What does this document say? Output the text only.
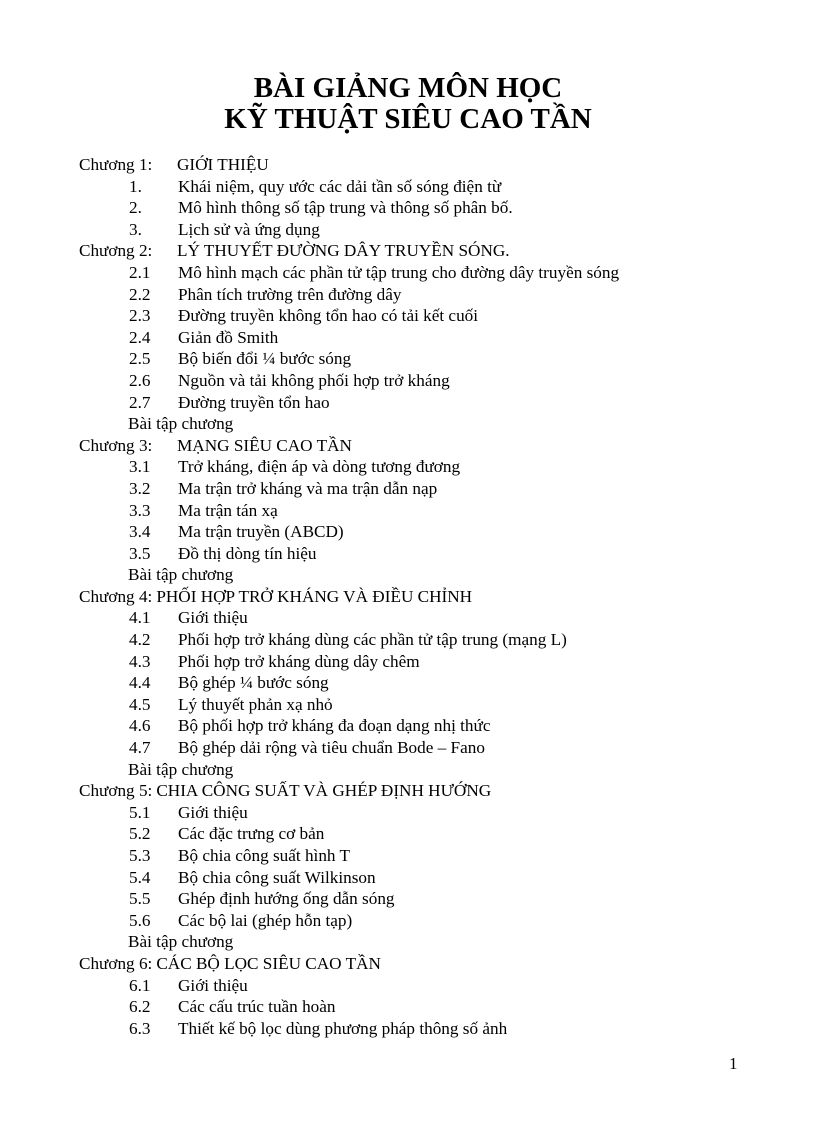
BÀI GIẢNG MÔN HỌC
KỸ THUẬT SIÊU CAO TẦN
Chương 1: GIỚI THIỆU
1. Khái niệm, quy ước các dải tần số sóng điện từ
2. Mô hình thông số tập trung và thông số phân bố.
3. Lịch sử và ứng dụng
Chương 2: LÝ THUYẾT ĐƯỜNG DÂY TRUYỀN SÓNG.
2.1 Mô hình mạch các phần tử tập trung cho đường dây truyền sóng
2.2 Phân tích trường trên đường dây
2.3 Đường truyền không tổn hao có tải kết cuối
2.4 Giản đồ Smith
2.5 Bộ biến đổi ¼ bước sóng
2.6 Nguồn và tải không phối hợp trở kháng
2.7 Đường truyền tổn hao
Bài tập chương
Chương 3: MẠNG SIÊU CAO TẦN
3.1 Trở kháng, điện áp và dòng tương đương
3.2 Ma trận trở kháng và ma trận dẫn nạp
3.3 Ma trận tán xạ
3.4 Ma trận truyền (ABCD)
3.5 Đồ thị dòng tín hiệu
Bài tập chương
Chương 4: PHỐI HỢP TRỞ KHÁNG VÀ ĐIỀU CHỈNH
4.1 Giới thiệu
4.2 Phối hợp trở kháng dùng các phần tử tập trung (mạng L)
4.3 Phối hợp trở kháng dùng dây chêm
4.4 Bộ ghép ¼ bước sóng
4.5 Lý thuyết phản xạ nhỏ
4.6 Bộ phối hợp trở kháng đa đoạn dạng nhị thức
4.7 Bộ ghép dải rộng và tiêu chuẩn Bode – Fano
Bài tập chương
Chương 5: CHIA CÔNG SUẤT VÀ GHÉP ĐỊNH HƯỚNG
5.1 Giới thiệu
5.2 Các đặc trưng cơ bản
5.3 Bộ chia công suất hình T
5.4 Bộ chia công suất Wilkinson
5.5 Ghép định hướng ống dẫn sóng
5.6 Các bộ lai (ghép hỗn tạp)
Bài tập chương
Chương 6: CÁC BỘ LỌC SIÊU CAO TẦN
6.1 Giới thiệu
6.2 Các cấu trúc tuần hoàn
6.3 Thiết kế bộ lọc dùng phương pháp thông số ảnh
1
